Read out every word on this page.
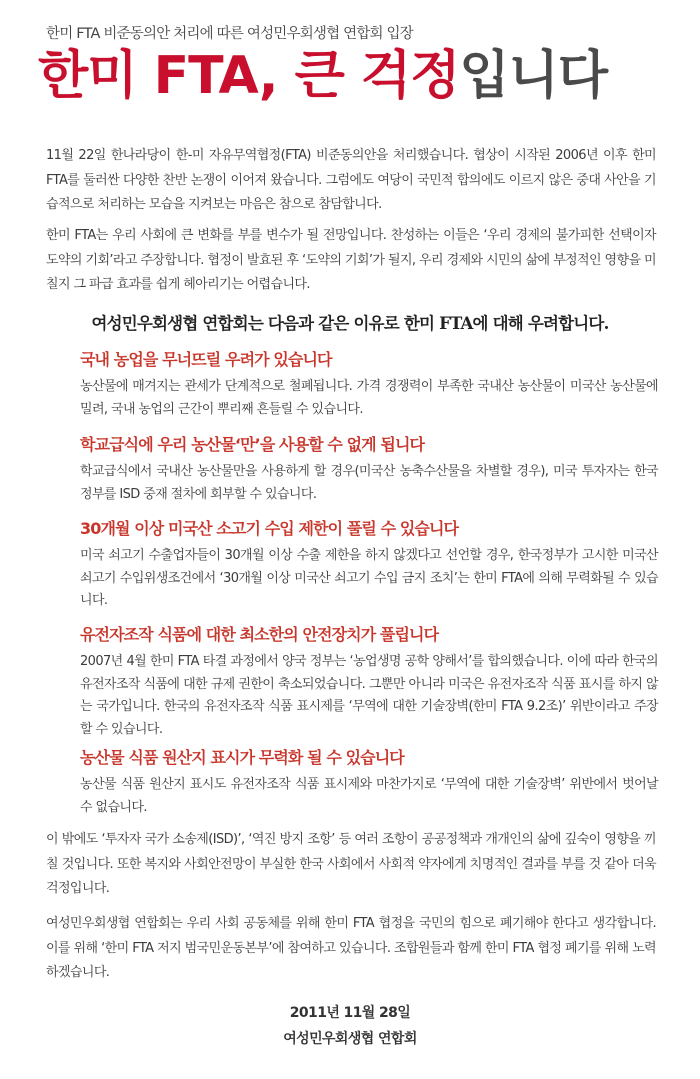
한미 FTA 비준동의안 처리에 따른 여성민우회생협 연합회 입장
한미 FTA, 큰 걱정입니다

11월 22일 한나라당이 한-미 자유무역협정(FTA) 비준동의안을 처리했습니다. 협상이 시작된 2006년 이후 한미 FTA를 둘러싼 다양한 찬반 논쟁이 이어져 왔습니다. 그럼에도 여당이 국민적 합의에도 이르지 않은 중대 사안을 기습적으로 처리하는 모습을 지켜보는 마음은 참으로 참담합니다.

한미 FTA는 우리 사회에 큰 변화를 부를 변수가 될 전망입니다. 찬성하는 이들은 ‘우리 경제의 불가피한 선택이자 도약의 기회’라고 주장합니다. 협정이 발효된 후 ‘도약의 기회’가 될지, 우리 경제와 시민의 삶에 부정적인 영향을 미칠지 그 파급 효과를 쉽게 헤아리기는 어렵습니다.

여성민우회생협 연합회는 다음과 같은 이유로 한미 FTA에 대해 우려합니다.

국내 농업을 무너뜨릴 우려가 있습니다

농산물에 매겨지는 관세가 단계적으로 철폐됩니다. 가격 경쟁력이 부족한 국내산 농산물이 미국산 농산물에 밀려, 국내 농업의 근간이 뿌리째 흔들릴 수 있습니다.

학교급식에 우리 농산물‘만’을 사용할 수 없게 됩니다

학교급식에서 국내산 농산물만을 사용하게 할 경우(미국산 농축수산물을 차별할 경우), 미국 투자자는 한국 정부를 ISD 중재 절차에 회부할 수 있습니다.

30개월 이상 미국산 소고기 수입 제한이 풀릴 수 있습니다

미국 쇠고기 수출업자들이 30개월 이상 수출 제한을 하지 않겠다고 선언할 경우, 한국정부가 고시한 미국산 쇠고기 수입위생조건에서 ‘30개월 이상 미국산 쇠고기 수입 금지 조치’는 한미 FTA에 의해 무력화될 수 있습니다.

유전자조작 식품에 대한 최소한의 안전장치가 풀립니다

2007년 4월 한미 FTA 타결 과정에서 양국 정부는 ‘농업생명 공학 양해서’를 합의했습니다. 이에 따라 한국의 유전자조작 식품에 대한 규제 권한이 축소되었습니다. 그뿐만 아니라 미국은 유전자조작 식품 표시를 하지 않는 국가입니다. 한국의 유전자조작 식품 표시제를 ‘무역에 대한 기술장벽(한미 FTA 9.2조)’ 위반이라고 주장할 수 있습니다.

농산물 식품 원산지 표시가 무력화 될 수 있습니다

농산물 식품 원산지 표시도 유전자조작 식품 표시제와 마찬가지로 ‘무역에 대한 기술장벽’ 위반에서 벗어날 수 없습니다.

이 밖에도 ‘투자자 국가 소송제(ISD)’, ‘역진 방지 조항’ 등 여러 조항이 공공정책과 개개인의 삶에 깊숙이 영향을 끼칠 것입니다. 또한 복지와 사회안전망이 부실한 한국 사회에서 사회적 약자에게 치명적인 결과를 부를 것 같아 더욱 걱정입니다.

여성민우회생협 연합회는 우리 사회 공동체를 위해 한미 FTA 협정을 국민의 힘으로 폐기해야 한다고 생각합니다. 이를 위해 ‘한미 FTA 저지 범국민운동본부’에 참여하고 있습니다. 조합원들과 함께 한미 FTA 협정 폐기를 위해 노력하겠습니다.

2011년 11월 28일
여성민우회생협 연합회
